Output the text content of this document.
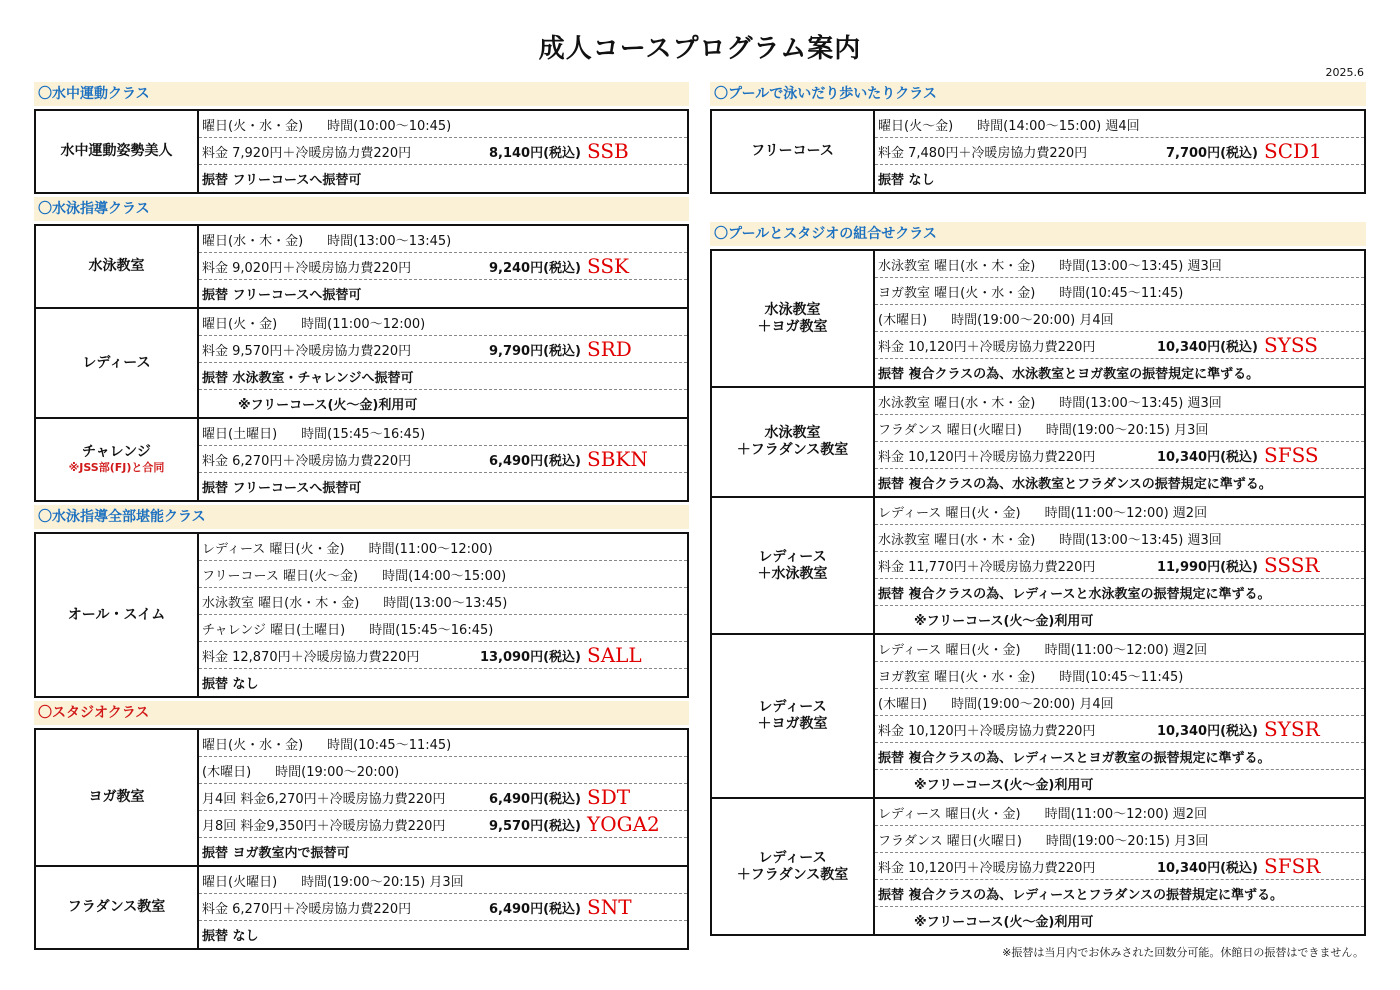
成人コースプログラム案内
2025.6
〇水中運動クラス
水中運動姿勢美人
曜日(火・水・金) 時間(10:00～10:45)
料金 7,920円＋冷暖房協力費220円	8,140円(税込) SSB
振替 フリーコースへ振替可
〇水泳指導クラス
水泳教室
曜日(水・木・金) 時間(13:00～13:45)
料金 9,020円＋冷暖房協力費220円	9,240円(税込) SSK
振替 フリーコースへ振替可
レディース
曜日(火・金) 時間(11:00～12:00)
料金 9,570円＋冷暖房協力費220円	9,790円(税込) SRD
振替 水泳教室・チャレンジへ振替可
※フリーコース(火～金)利用可
チャレンジ
※JSS部(FJ)と合同
曜日(土曜日) 時間(15:45～16:45)
料金 6,270円＋冷暖房協力費220円	6,490円(税込) SBKN
振替 フリーコースへ振替可
〇水泳指導全部堪能クラス
オール・スイム
レディース 曜日(火・金) 時間(11:00～12:00)
フリーコース 曜日(火～金) 時間(14:00～15:00)
水泳教室 曜日(水・木・金) 時間(13:00～13:45)
チャレンジ 曜日(土曜日) 時間(15:45～16:45)
料金 12,870円＋冷暖房協力費220円	13,090円(税込) SALL
振替 なし
〇スタジオクラス
ヨガ教室
曜日(火・水・金) 時間(10:45～11:45)
(木曜日) 時間(19:00～20:00)
月4回 料金6,270円＋冷暖房協力費220円	6,490円(税込) SDT
月8回 料金9,350円＋冷暖房協力費220円	9,570円(税込) YOGA2
振替 ヨガ教室内で振替可
フラダンス教室
曜日(火曜日) 時間(19:00～20:15) 月3回
料金 6,270円＋冷暖房協力費220円	6,490円(税込) SNT
振替 なし
〇プールで泳いだり歩いたりクラス
フリーコース
曜日(火～金) 時間(14:00～15:00) 週4回
料金 7,480円＋冷暖房協力費220円	7,700円(税込) SCD1
振替 なし
〇プールとスタジオの組合せクラス
水泳教室
＋ヨガ教室
水泳教室 曜日(水・木・金) 時間(13:00～13:45) 週3回
ヨガ教室 曜日(火・水・金) 時間(10:45～11:45)
(木曜日) 時間(19:00～20:00) 月4回
料金 10,120円＋冷暖房協力費220円	10,340円(税込) SYSS
振替 複合クラスの為、水泳教室とヨガ教室の振替規定に準ずる。
水泳教室
＋フラダンス教室
水泳教室 曜日(水・木・金) 時間(13:00～13:45) 週3回
フラダンス 曜日(火曜日) 時間(19:00～20:15) 月3回
料金 10,120円＋冷暖房協力費220円	10,340円(税込) SFSS
振替 複合クラスの為、水泳教室とフラダンスの振替規定に準ずる。
レディース
＋水泳教室
レディース 曜日(火・金) 時間(11:00～12:00) 週2回
水泳教室 曜日(水・木・金) 時間(13:00～13:45) 週3回
料金 11,770円＋冷暖房協力費220円	11,990円(税込) SSSR
振替 複合クラスの為、レディースと水泳教室の振替規定に準ずる。
※フリーコース(火～金)利用可
レディース
＋ヨガ教室
レディース 曜日(火・金) 時間(11:00～12:00) 週2回
ヨガ教室 曜日(火・水・金) 時間(10:45～11:45)
(木曜日) 時間(19:00～20:00) 月4回
料金 10,120円＋冷暖房協力費220円	10,340円(税込) SYSR
振替 複合クラスの為、レディースとヨガ教室の振替規定に準ずる。
※フリーコース(火～金)利用可
レディース
＋フラダンス教室
レディース 曜日(火・金) 時間(11:00～12:00) 週2回
フラダンス 曜日(火曜日) 時間(19:00～20:15) 月3回
料金 10,120円＋冷暖房協力費220円	10,340円(税込) SFSR
振替 複合クラスの為、レディースとフラダンスの振替規定に準ずる。
※フリーコース(火～金)利用可
※振替は当月内でお休みされた回数分可能。休館日の振替はできません。
